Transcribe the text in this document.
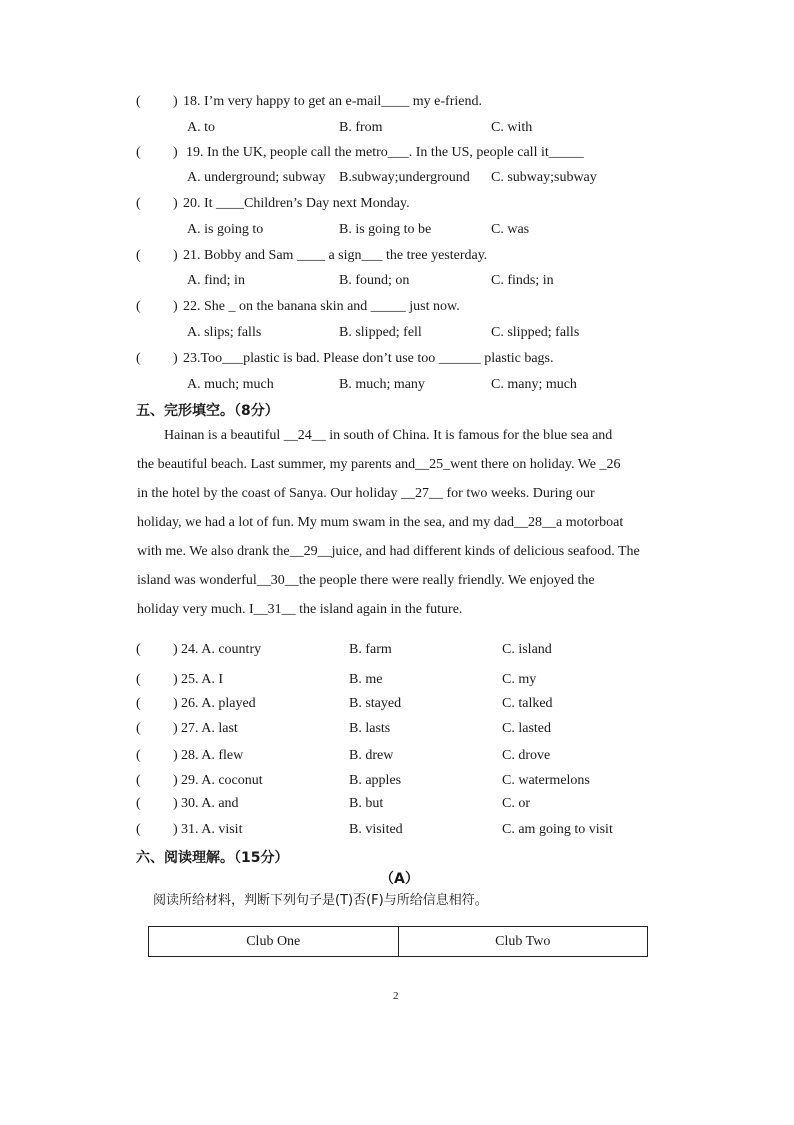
( ) 18. I’m very happy to get an e-mail____ my e-friend.
A. to	B. from	C. with
( ) 19. In the UK, people call the metro___. In the US, people call it_____
A. underground; subway B.subway;underground C. subway;subway
( ) 20. It ____Children’s Day next Monday.
A. is going to	B. is going to be	C. was
( ) 21. Bobby and Sam ____ a sign___ the tree yesterday.
A. find; in	B. found; on	C. finds; in
( ) 22. She _ on the banana skin and _____ just now.
A. slips; falls	B. slipped; fell	C. slipped; falls
( ) 23.Too___plastic is bad. Please don’t use too ______ plastic bags.
A. much; much	B. much; many	C. many; much
五、完形填空。（8分）
Hainan is a beautiful __24__ in south of China. It is famous for the blue sea and
the beautiful beach. Last summer, my parents and__25_went there on holiday. We _26
in the hotel by the coast of Sanya. Our holiday __27__ for two weeks. During our
holiday, we had a lot of fun. My mum swam in the sea, and my dad__28__a motorboat
with me. We also drank the__29__juice, and had different kinds of delicious seafood. The
island was wonderful__30__the people there were really friendly. We enjoyed the
holiday very much. I__31__ the island again in the future.
( ) 24. A. country	B. farm	C. island
( ) 25. A. I	B. me	C. my
( ) 26. A. played	B. stayed	C. talked
( ) 27. A. last	B. lasts	C. lasted
( ) 28. A. flew	B. drew	C. drove
( ) 29. A. coconut	B. apples	C. watermelons
( ) 30. A. and	B. but	C. or
( ) 31. A. visit	B. visited	C. am going to visit
六、阅读理解。（15分）
（A）
阅读所给材料，判断下列句子是(T)否(F)与所给信息相符。
Club One	Club Two
2
